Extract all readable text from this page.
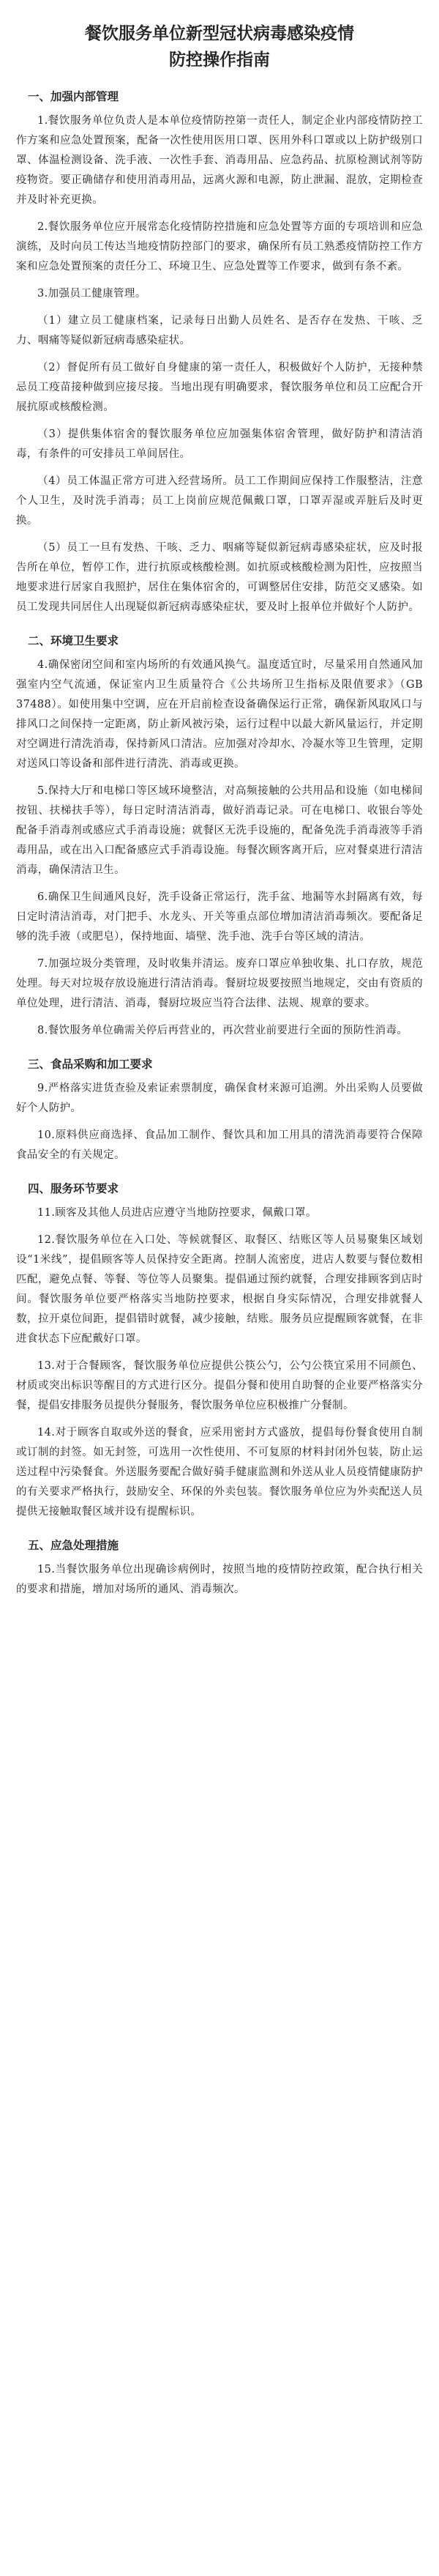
餐饮服务单位新型冠状病毒感染疫情
防控操作指南
一、加强内部管理

1.餐饮服务单位负责人是本单位疫情防控第一责任人，制定企业内部疫情防控工作方案和应急处置预案，配备一次性使用医用口罩、医用外科口罩或以上防护级别口罩、体温检测设备、洗手液、一次性手套、消毒用品、应急药品、抗原检测试剂等防疫物资。要正确储存和使用消毒用品，远离火源和电源，防止泄漏、混放，定期检查并及时补充更换。

2.餐饮服务单位应开展常态化疫情防控措施和应急处置等方面的专项培训和应急演练，及时向员工传达当地疫情防控部门的要求，确保所有员工熟悉疫情防控工作方案和应急处置预案的责任分工、环境卫生、应急处置等工作要求，做到有条不紊。

3.加强员工健康管理。

（1）建立员工健康档案，记录每日出勤人员姓名、是否存在发热、干咳、乏力、咽痛等疑似新冠病毒感染症状。

（2）督促所有员工做好自身健康的第一责任人，积极做好个人防护，无接种禁忌员工疫苗接种做到应接尽接。当地出现有明确要求，餐饮服务单位和员工应配合开展抗原或核酸检测。

（3）提供集体宿舍的餐饮服务单位应加强集体宿舍管理，做好防护和清洁消毒，有条件的可安排员工单间居住。

（4）员工体温正常方可进入经营场所。员工工作期间应保持工作服整洁，注意个人卫生，及时洗手消毒；员工上岗前应规范佩戴口罩，口罩弄湿或弄脏后及时更换。

（5）员工一旦有发热、干咳、乏力、咽痛等疑似新冠病毒感染症状，应及时报告所在单位，暂停工作，进行抗原或核酸检测。如抗原或核酸检测为阳性，应按照当地要求进行居家自我照护，居住在集体宿舍的，可调整居住安排，防范交叉感染。如员工发现共同居住人出现疑似新冠病毒感染症状，要及时上报单位并做好个人防护。

二、环境卫生要求

4.确保密闭空间和室内场所的有效通风换气。温度适宜时，尽量采用自然通风加强室内空气流通，保证室内卫生质量符合《公共场所卫生指标及限值要求》（GB 37488）。如使用集中空调，应在开启前检查设备确保运行正常，确保新风取风口与排风口之间保持一定距离，防止新风被污染，运行过程中以最大新风量运行，并定期对空调进行清洗消毒，保持新风口清洁。应加强对冷却水、冷凝水等卫生管理，定期对送风口等设备和部件进行清洗、消毒或更换。

5.保持大厅和电梯口等区域环境整洁，对高频接触的公共用品和设施（如电梯间按钮、扶梯扶手等），每日定时清洁消毒，做好消毒记录。可在电梯口、收银台等处配备手消毒剂或感应式手消毒设施；就餐区无洗手设施的，配备免洗手消毒液等手消毒用品，或在出入口配备感应式手消毒设施。每餐次顾客离开后，应对餐桌进行清洁消毒，确保清洁卫生。

6.确保卫生间通风良好，洗手设备正常运行，洗手盆、地漏等水封隔离有效，每日定时清洁消毒，对门把手、水龙头、开关等重点部位增加清洁消毒频次。要配备足够的洗手液（或肥皂），保持地面、墙壁、洗手池、洗手台等区域的清洁。

7.加强垃圾分类管理，及时收集并清运。废弃口罩应单独收集、扎口存放，规范处理。每天对垃圾存放设施进行清洁消毒。餐厨垃圾要按照当地规定，交由有资质的单位处理，进行清洁、消毒，餐厨垃圾应当符合法律、法规、规章的要求。

8.餐饮服务单位确需关停后再营业的，再次营业前要进行全面的预防性消毒。

三、食品采购和加工要求

9.严格落实进货查验及索证索票制度，确保食材来源可追溯。外出采购人员要做好个人防护。

10.原料供应商选择、食品加工制作、餐饮具和加工用具的清洗消毒要符合保障食品安全的有关规定。

四、服务环节要求

11.顾客及其他人员进店应遵守当地防控要求，佩戴口罩。

12.餐饮服务单位在入口处、等候就餐区、取餐区、结账区等人员易聚集区域划设“1米线”，提倡顾客等人员保持安全距离。控制人流密度，进店人数要与餐位数相匹配，避免点餐、等餐、等位等人员聚集。提倡通过预约就餐，合理安排顾客到店时间。餐饮服务单位要严格落实当地防控要求，根据自身实际情况，合理安排就餐人数，拉开桌位间距，提倡错时就餐，减少接触，结账。服务员应提醒顾客就餐，在非进食状态下应配戴好口罩。

13.对于合餐顾客，餐饮服务单位应提供公筷公勺，公勺公筷宜采用不同颜色、材质或突出标识等醒目的方式进行区分。提倡分餐和使用自助餐的企业要严格落实分餐，提倡安排服务员提供分餐服务，餐饮服务单位应积极推广分餐制。

14.对于顾客自取或外送的餐食，应采用密封方式盛放，提倡每份餐食使用自制或订制的封签。如无封签，可选用一次性使用、不可复原的材料封闭外包装，防止运送过程中污染餐食。外送服务要配合做好骑手健康监测和外送从业人员疫情健康防护的有关要求严格执行，鼓励安全、环保的外卖包装。餐饮服务单位应为外卖配送人员提供无接触取餐区域并设有提醒标识。

五、应急处理措施

15.当餐饮服务单位出现确诊病例时，按照当地的疫情防控政策，配合执行相关的要求和措施，增加对场所的通风、消毒频次。
